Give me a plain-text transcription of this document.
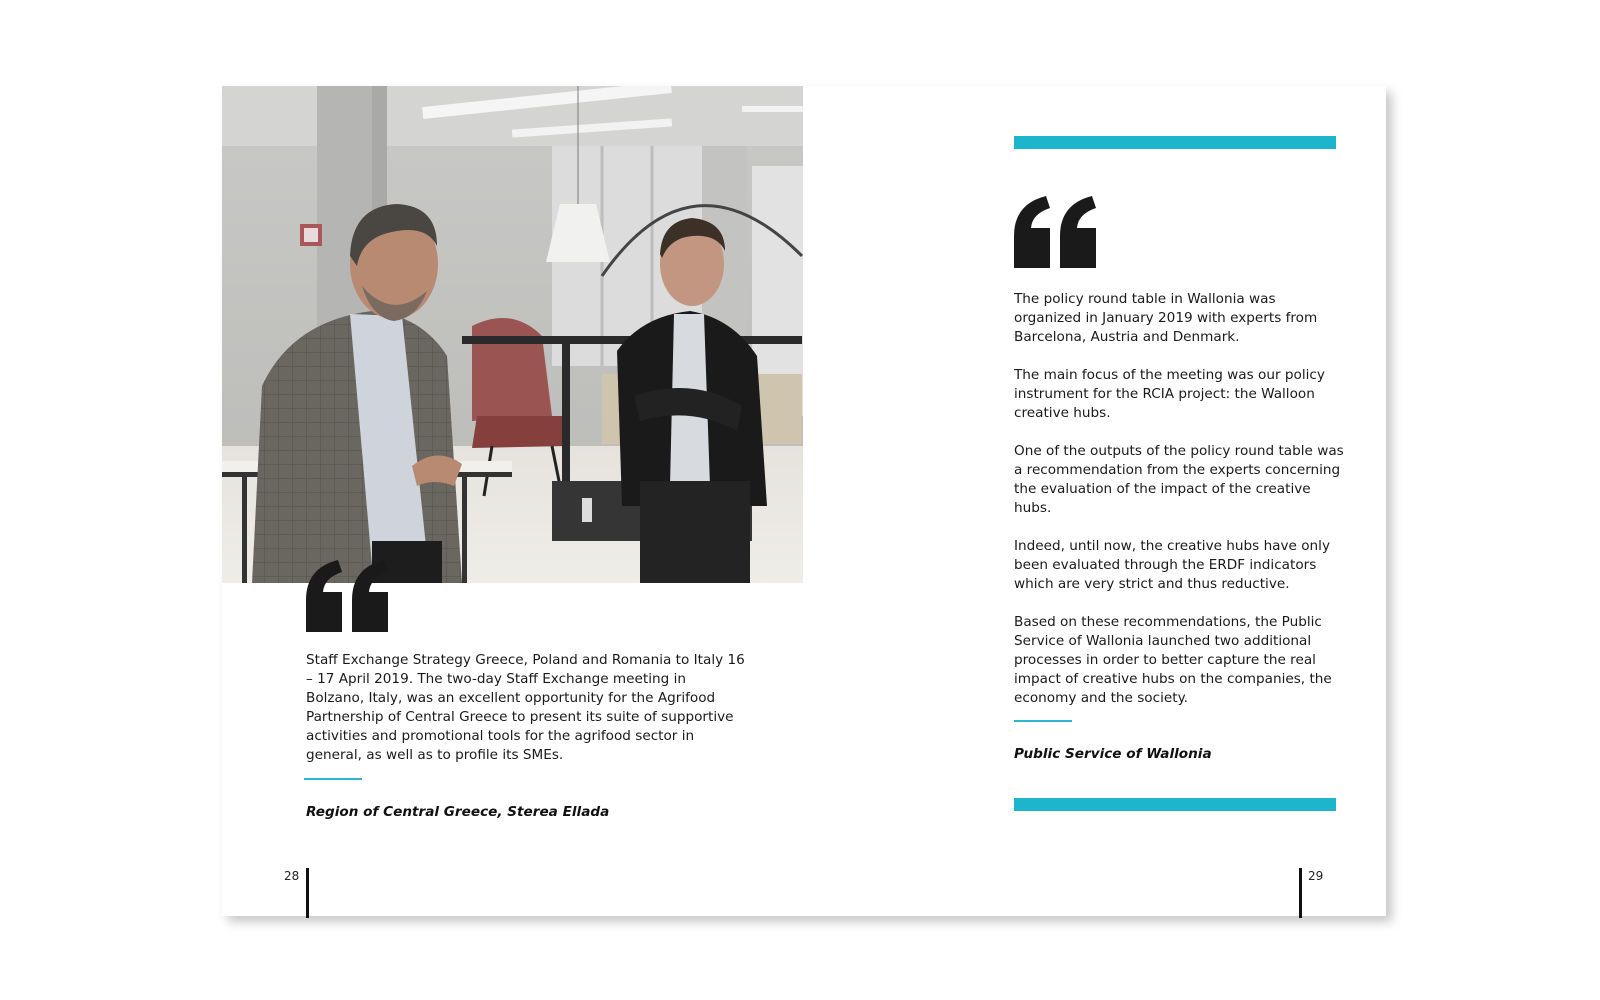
Staff Exchange Strategy Greece, Poland and Romania to Italy 16 – 17 April 2019. The two-day Staff Exchange meeting in Bolzano, Italy, was an excellent opportunity for the Agrifood Partnership of Central Greece to present its suite of supportive activities and promotional tools for the agrifood sector in general, as well as to profile its SMEs.

Region of Central Greece, Sterea Ellada
28

The policy round table in Wallonia was organized in January 2019 with experts from Barcelona, Austria and Denmark.

The main focus of the meeting was our policy instrument for the RCIA project: the Walloon creative hubs.

One of the outputs of the policy round table was a recommendation from the experts concerning the evaluation of the impact of the creative hubs.

Indeed, until now, the creative hubs have only been evaluated through the ERDF indicators which are very strict and thus reductive.

Based on these recommendations, the Public Service of Wallonia launched two additional processes in order to better capture the real impact of creative hubs on the companies, the economy and the society.

Public Service of Wallonia
29
